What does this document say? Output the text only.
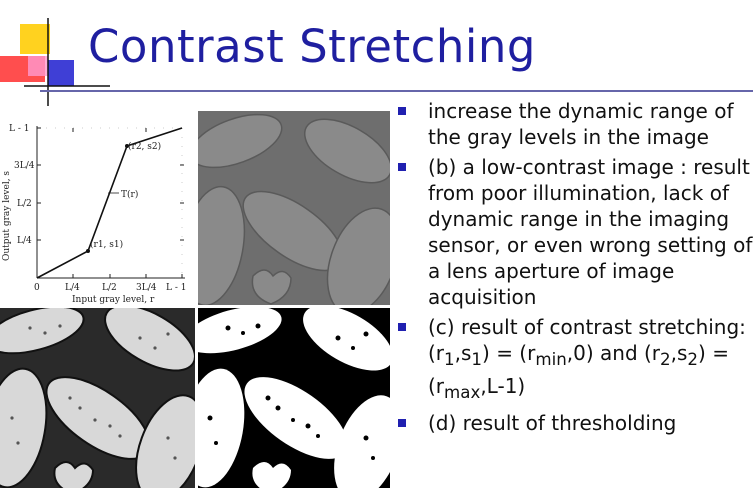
Contrast Stretching
L - 1
3L/4
L/2
L/4
0	L/4 L/2 3L/4 L - 1
Input gray level, r
Output gray level, s	(r1, s1)
(r2, s2)
T(r)
increase the dynamic range of the gray levels in the image
(b) a low-contrast image : result from poor illumination, lack of dynamic range in the imaging sensor, or even wrong setting of a lens aperture of image acquisition
(c) result of contrast stretching: $(r_1,s_1) = (r_{min},0)$ and $(r_2,s_2) = (r_{max},L-1)$
(d) result of thresholding
